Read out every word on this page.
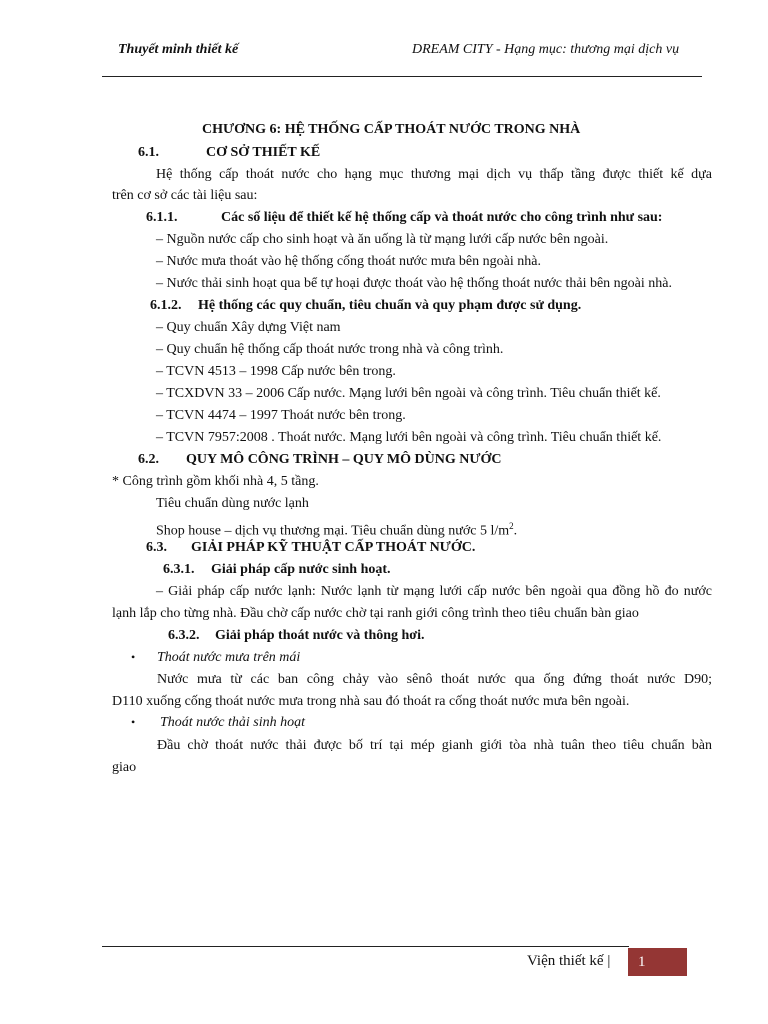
Thuyết minh thiết kế	DREAM CITY - Hạng mục: thương mại dịch vụ
CHƯƠNG 6: HỆ THỐNG CẤP THOÁT NƯỚC TRONG NHÀ
6.1.	CƠ SỞ THIẾT KẾ
Hệ thống cấp thoát nước cho hạng mục thương mại dịch vụ thấp tầng được thiết kế dựa
trên cơ sở các tài liệu sau:
6.1.1.	Các số liệu để thiết kế hệ thống cấp và thoát nước cho công trình như sau:
– Nguồn nước cấp cho sinh hoạt và ăn uống là từ mạng lưới cấp nước bên ngoài.
– Nước mưa thoát vào hệ thống cống thoát nước mưa bên ngoài nhà.
– Nước thải sinh hoạt qua bể tự hoại được thoát vào hệ thống thoát nước thải bên ngoài nhà.
6.1.2. Hệ thống các quy chuẩn, tiêu chuẩn và quy phạm được sử dụng.
– Quy chuẩn Xây dựng Việt nam
– Quy chuẩn hệ thống cấp thoát nước trong nhà và công trình.
– TCVN 4513 – 1998 Cấp nước bên trong.
– TCXDVN 33 – 2006 Cấp nước. Mạng lưới bên ngoài và công trình. Tiêu chuẩn thiết kế.
– TCVN 4474 – 1997 Thoát nước bên trong.
– TCVN 7957:2008 . Thoát nước. Mạng lưới bên ngoài và công trình. Tiêu chuẩn thiết kế.
6.2. QUY MÔ CÔNG TRÌNH – QUY MÔ DÙNG NƯỚC
* Công trình gồm khối nhà 4, 5 tầng.
Tiêu chuẩn dùng nước lạnh
Shop house – dịch vụ thương mại. Tiêu chuẩn dùng nước 5 $l/m^2$.
6.3. GIẢI PHÁP KỸ THUẬT CẤP THOÁT NƯỚC.
6.3.1. Giải pháp cấp nước sinh hoạt.
– Giải pháp cấp nước lạnh: Nước lạnh từ mạng lưới cấp nước bên ngoài qua đồng hồ đo nước
lạnh lắp cho từng nhà. Đầu chờ cấp nước chờ tại ranh giới công trình theo tiêu chuẩn bàn giao
6.3.2. Giải pháp thoát nước và thông hơi.
• Thoát nước mưa trên mái
Nước mưa từ các ban công chảy vào sênô thoát nước qua ống đứng thoát nước D90;
D110 xuống cống thoát nước mưa trong nhà sau đó thoát ra cống thoát nước mưa bên ngoài.
• Thoát nước thải sinh hoạt
Đầu chờ thoát nước thải được bố trí tại mép gianh giới tòa nhà tuân theo tiêu chuẩn bàn
giao
Viện thiết kế |	1
